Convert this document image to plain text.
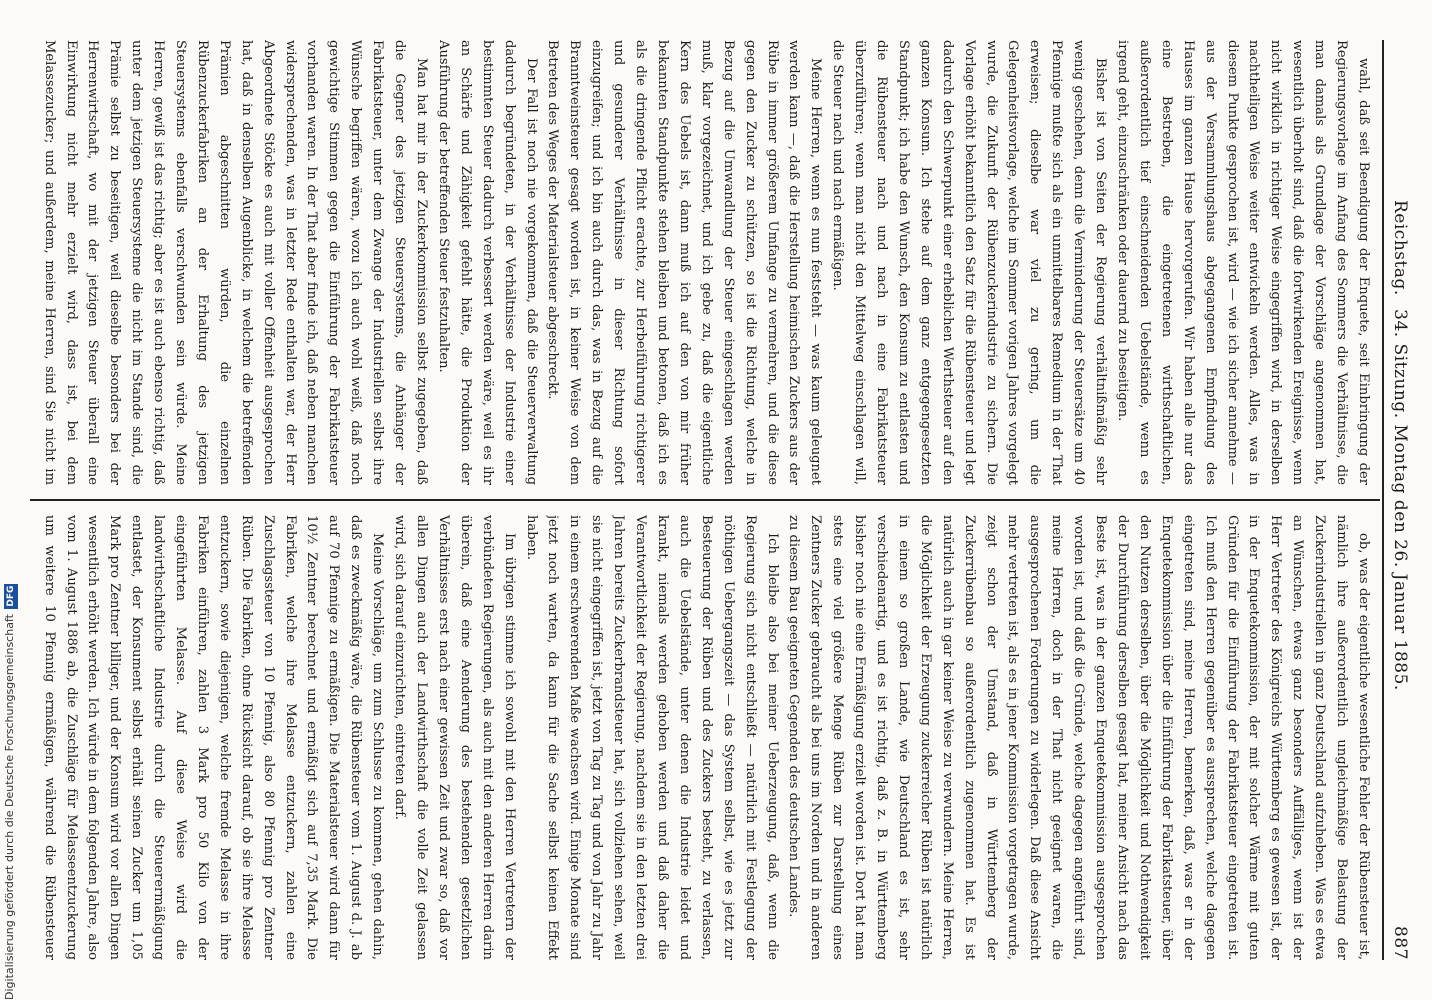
Reichstag.
34. Sitzung. Montag den 26. Januar 1885.
887

wahl, daß seit Beendigung der Enquete, seit Einbringung der Regierungsvorlage im Anfang des Sommers die Verhältnisse, die man damals als Grundlage der Vorschläge angenommen hat, wesentlich überholt sind, daß die fortwirkenden Ereignisse, wenn nicht wirklich in richtiger Weise eingegriffen wird, in derselben nachtheiligen Weise weiter entwickeln werden. Alles, was in diesem Punkte gesprochen ist, wird — wie ich sicher annehme — aus der Versammlungshaus abgegangenen Empfindung des Hauses im ganzen Hause hervorgerufen. Wir haben alle nur das eine Bestreben, die eingetretenen wirthschaftlichen, außerordentlich tief einschneidenden Uebelstände, wenn es irgend geht, einzuschränken oder dauernd zu beseitigen.

Bisher ist von Seiten der Regierung verhältnißmäßig sehr wenig geschehen, denn die Verminderung der Steuersätze um 40 Pfennige mußte sich als ein unmittelbares Remedium in der That erweisen; dieselbe war viel zu gering, um die Gelegenheitsvorlage, welche im Sommer vorigen Jahres vorgelegt wurde, die Zukunft der Rübenzuckerindustrie zu sichern. Die Vorlage erhöht bekanntlich den Satz für die Rübensteuer und legt dadurch den Schwerpunkt einer erheblichen Werthsteuer auf den ganzen Konsum. Ich stehe auf dem ganz entgegengesetzten Standpunkt; ich habe den Wunsch, den Konsum zu entlasten und die Rübensteuer nach und nach in eine Fabrikatsteuer überzuführen; wenn man nicht den Mittelweg einschlagen will, die Steuer nach und nach ermäßigen.

Meine Herren, wenn es nun feststeht — was kaum geleugnet werden kann —, daß die Herstellung heimischen Zuckers aus der Rübe in immer größerem Umfange zu vermehren, und die diese gegen den Zucker zu schützen, so ist die Richtung, welche in Bezug auf die Umwandlung der Steuer eingeschlagen werden muß, klar vorgezeichnet, und ich gebe zu, daß die eigentliche Kern des Uebels ist, dann muß ich auf den von mir früher bekannten Standpunkte stehen bleiben und betonen, daß ich es als die dringende Pflicht erachte, zur Herbeiführung richtigerer und gesunderer Verhältnisse in dieser Richtung sofort einzugreifen; und ich bin auch durch das, was in Bezug auf die Branntweinsteuer gesagt worden ist, in keiner Weise von dem Betreten des Weges der Materialsteuer abgeschreckt.

Der Fall ist noch nie vorgekommen, daß die Steuerverwaltung dadurch begründeten, in der Verhältnisse der Industrie einer bestimmten Steuer dadurch verbessert werden wäre, weil es ihr an Schärfe und Zähigkeit gefehlt hätte, die Produktion der Ausführung der betreffenden Steuer festzuhalten.

Man hat mir in der Zuckerkommission selbst zugegeben, daß die Gegner des jetzigen Steuersystems, die Anhänger der Fabrikatsteuer, unter dem Zwange der Industriellen selbst ihre Wünsche begriffen wären, wozu ich auch wohl weiß, daß noch gewichtige Stimmen gegen die Einführung der Fabrikatsteuer vorhanden waren. In der That aber finde ich, daß neben manchen widersprechenden, was in letzter Rede enthalten war, der Herr Abgeordnete Stöcke es auch mit voller Offenheit ausgesprochen hat, daß in denselben Augenblicke, in welchem die betreffenden Prämien abgeschnitten würden, die einzelnen Rübenzuckerfabriken an der Erhaltung des jetzigen Steuersystems ebenfalls verschwunden sein würde. Meine Herren, gewiß ist das richtig; aber es ist auch ebenso richtig, daß unter dem jetzigen Steuersysteme die nicht im Stande sind, die Prämie selbst zu beseitigen, weil dieselbe besonders bei der Herrenwirtschaft, wo mit der jetzigen Steuer überall eine Einwirkung nicht mehr erzielt wird, dass ist, bei dem Melassezucker; und außerdem, meine Herren, sind Sie nicht im

ob, was der eigentliche wesentliche Fehler der Rübensteuer ist, nämlich ihre außerordentlich ungleichmäßige Belastung der Zuckerindustriellen in ganz Deutschland aufzuheben. Was es etwa an Wünschen, etwas ganz besonders Auffälliges, wenn ist der Herr Vertreter des Königreichs Württemberg es gewesen ist, der in der Enquetekommission, der mit solcher Wärme mit guten Gründen für die Einführung der Fabrikatsteuer eingetreten ist. Ich muß den Herren gegenüber es aussprechen, welche dagegen eingetreten sind, meine Herren, bemerken, daß, was er in der Enquetekommission über die Einführung der Fabrikatsteuer, über den Nutzen derselben, über die Möglichkeit und Nothwendigkeit der Durchführung derselben gesagt hat, meiner Ansicht nach das Beste ist, was in der ganzen Enquetekommission ausgesprochen worden ist, und daß die Gründe, welche dagegen angeführt sind, meine Herren, doch in der That nicht geeignet waren, die ausgesprochenen Forderungen zu widerlegen. Daß diese Ansicht mehr vertreten ist, als es in jener Kommission vorgetragen wurde, zeigt schon der Umstand, daß in Württemberg der Zuckerrübenbau so außerordentlich zugenommen hat. Es ist natürlich auch in gar keiner Weise zu verwundern. Meine Herren, die Möglichkeit der Erzeugung zuckerreicher Rüben ist natürlich in einem so großen Lande, wie Deutschland es ist, sehr verschiedenartig, und es ist richtig, daß z. B. in Württemberg bisher noch nie eine Ermäßigung erzielt worden ist. Dort hat man stets eine viel größere Menge Rüben zur Darstellung eines Zentners Zucker gebraucht als bei uns im Norden und in anderen zu diesem Bau geeigneten Gegenden des deutschen Landes.

Ich bleibe also bei meiner Ueberzeugung, daß, wenn die Regierung sich nicht entschließt — natürlich mit Festlegung der nöthigen Uebergangszeit — das System selbst, wie es jetzt zur Besteuerung der Rüben und des Zuckers besteht, zu verlassen, auch die Uebelstände, unter denen die Industrie leidet und krankt, niemals werden gehoben werden und daß daher die Verantwortlichkeit der Regierung, nachdem sie in den letzten drei Jahren bereits Zuckerbrandsteuer hat, sich vollziehen sehen, weil sie nicht eingegriffen ist, jetzt von Tag zu Tag und von Jahr zu Jahr in einem erschwerenden Maße wachsen wird. Einige Monate sind jetzt noch warten, da kann für die Sache selbst keinen Effekt haben.

Im übrigen stimme ich sowohl mit den Herren Vertretern der verbündeten Regierungen, als auch mit den anderen Herren darin überein, daß eine Aenderung des bestehenden gesetzlichen Verhältnisses erst nach einer gewissen Zeit und zwar so, daß vor allen Dingen auch der Landwirthschaft die volle Zeit gelassen wird, sich darauf einzurichten, eintreten darf.

Meine Vorschläge, um zum Schlusse zu kommen, gehen dahin, daß es zweckmäßig wäre, die Rübensteuer vom 1. August d. J. ab auf 70 Pfennige zu ermäßigen. Die Materialsteuer wird dann für 10½ Zentner berechnet und ermäßigt sich auf 7,35 Mark. Die Fabriken, welche ihre Melasse entzuckern, zahlen eine Zuschlagssteuer von 10 Pfennig, also 80 Pfennig pro Zentner Rüben. Die Fabriken, ohne Rücksicht darauf, ob sie ihre Melasse entzuckern, sowie diejenigen, welche fremde Melasse in ihre Fabriken einführen, zahlen 3 Mark pro 50 Kilo von der eingeführten Melasse. Auf diese Weise wird die landwirthschaftliche Industrie durch die Steuerermäßigung entlastet, der Konsument selbst erhält seinen Zucker um 1,05 Mark pro Zentner billiger, und der Konsum wird vor allen Dingen wesentlich erhöht werden. Ich würde in dem folgenden Jahre, also vom 1. August 1886 ab, die Zuschläge für Melasseentzuckerung um weitere 10 Pfennig ermäßigen, während die Rübensteuer

Digitalisierung gefördert durch die Deutsche Forschungsgemeinschaft DFG
